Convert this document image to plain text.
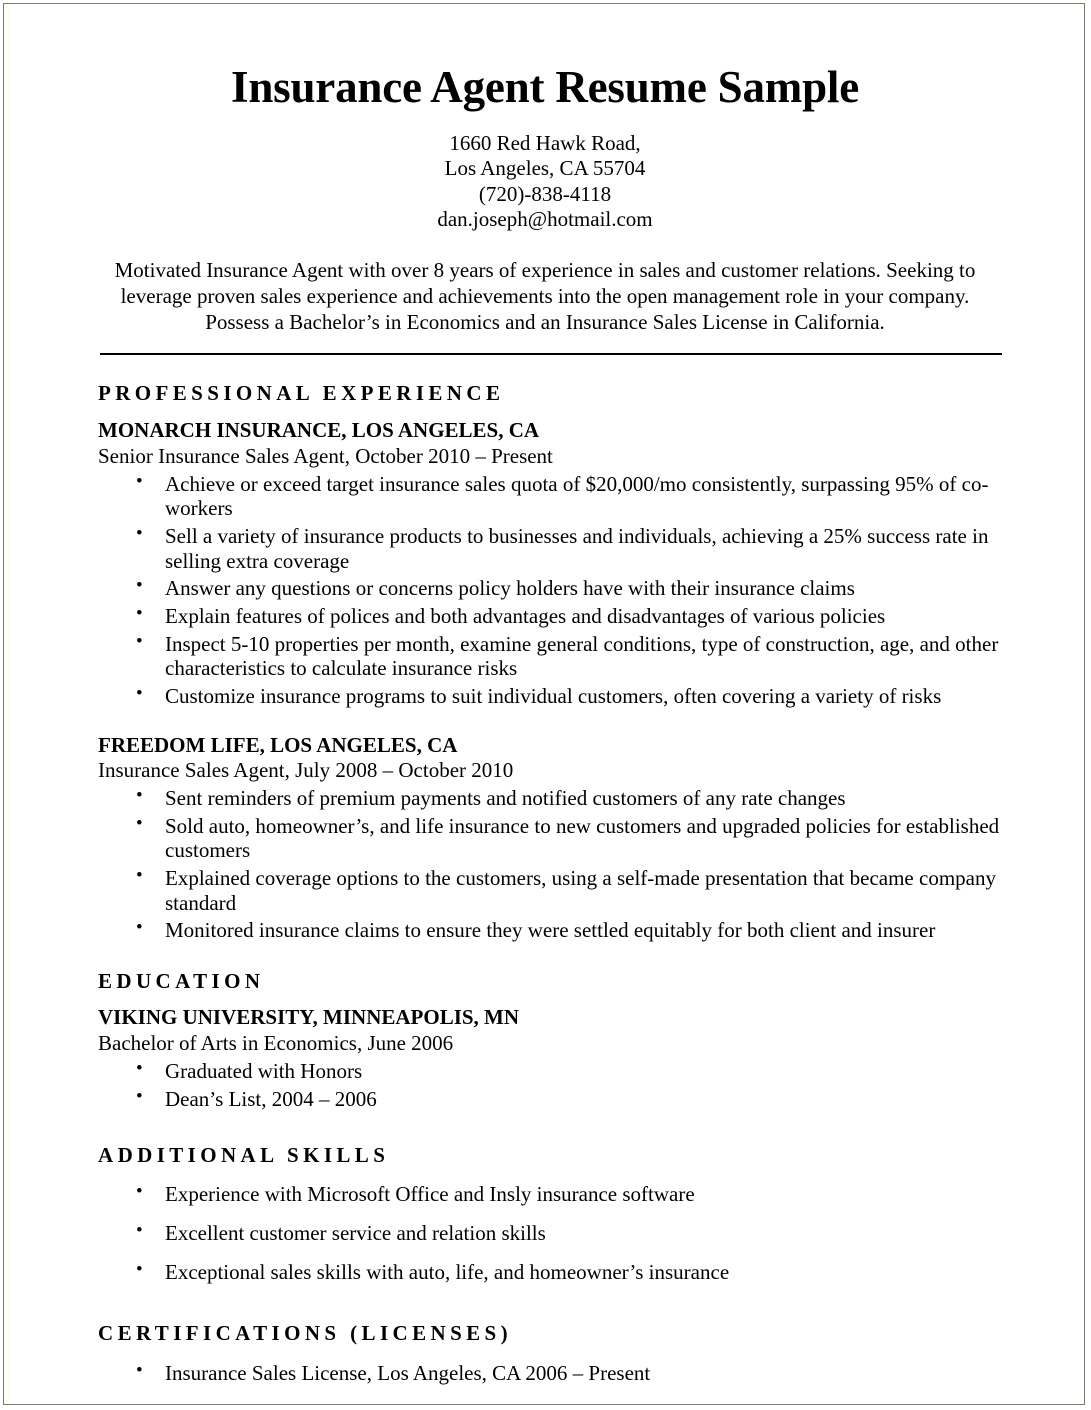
Insurance Agent Resume Sample
1660 Red Hawk Road,
Los Angeles, CA 55704
(720)-838-4118
dan.joseph@hotmail.com

Motivated Insurance Agent with over 8 years of experience in sales and customer relations. Seeking to leverage proven sales experience and achievements into the open management role in your company. Possess a Bachelor’s in Economics and an Insurance Sales License in California.

PROFESSIONAL EXPERIENCE
MONARCH INSURANCE, LOS ANGELES, CA
Senior Insurance Sales Agent, October 2010 – Present
• Achieve or exceed target insurance sales quota of $20,000/mo consistently, surpassing 95% of co-workers
• Sell a variety of insurance products to businesses and individuals, achieving a 25% success rate in selling extra coverage
• Answer any questions or concerns policy holders have with their insurance claims
• Explain features of polices and both advantages and disadvantages of various policies
• Inspect 5-10 properties per month, examine general conditions, type of construction, age, and other characteristics to calculate insurance risks
• Customize insurance programs to suit individual customers, often covering a variety of risks
FREEDOM LIFE, LOS ANGELES, CA
Insurance Sales Agent, July 2008 – October 2010
• Sent reminders of premium payments and notified customers of any rate changes
• Sold auto, homeowner’s, and life insurance to new customers and upgraded policies for established customers
• Explained coverage options to the customers, using a self-made presentation that became company standard
• Monitored insurance claims to ensure they were settled equitably for both client and insurer
EDUCATION
VIKING UNIVERSITY, MINNEAPOLIS, MN
Bachelor of Arts in Economics, June 2006
• Graduated with Honors
• Dean’s List, 2004 – 2006
ADDITIONAL SKILLS
• Experience with Microsoft Office and Insly insurance software
• Excellent customer service and relation skills
• Exceptional sales skills with auto, life, and homeowner’s insurance
CERTIFICATIONS (LICENSES)
• Insurance Sales License, Los Angeles, CA 2006 – Present
